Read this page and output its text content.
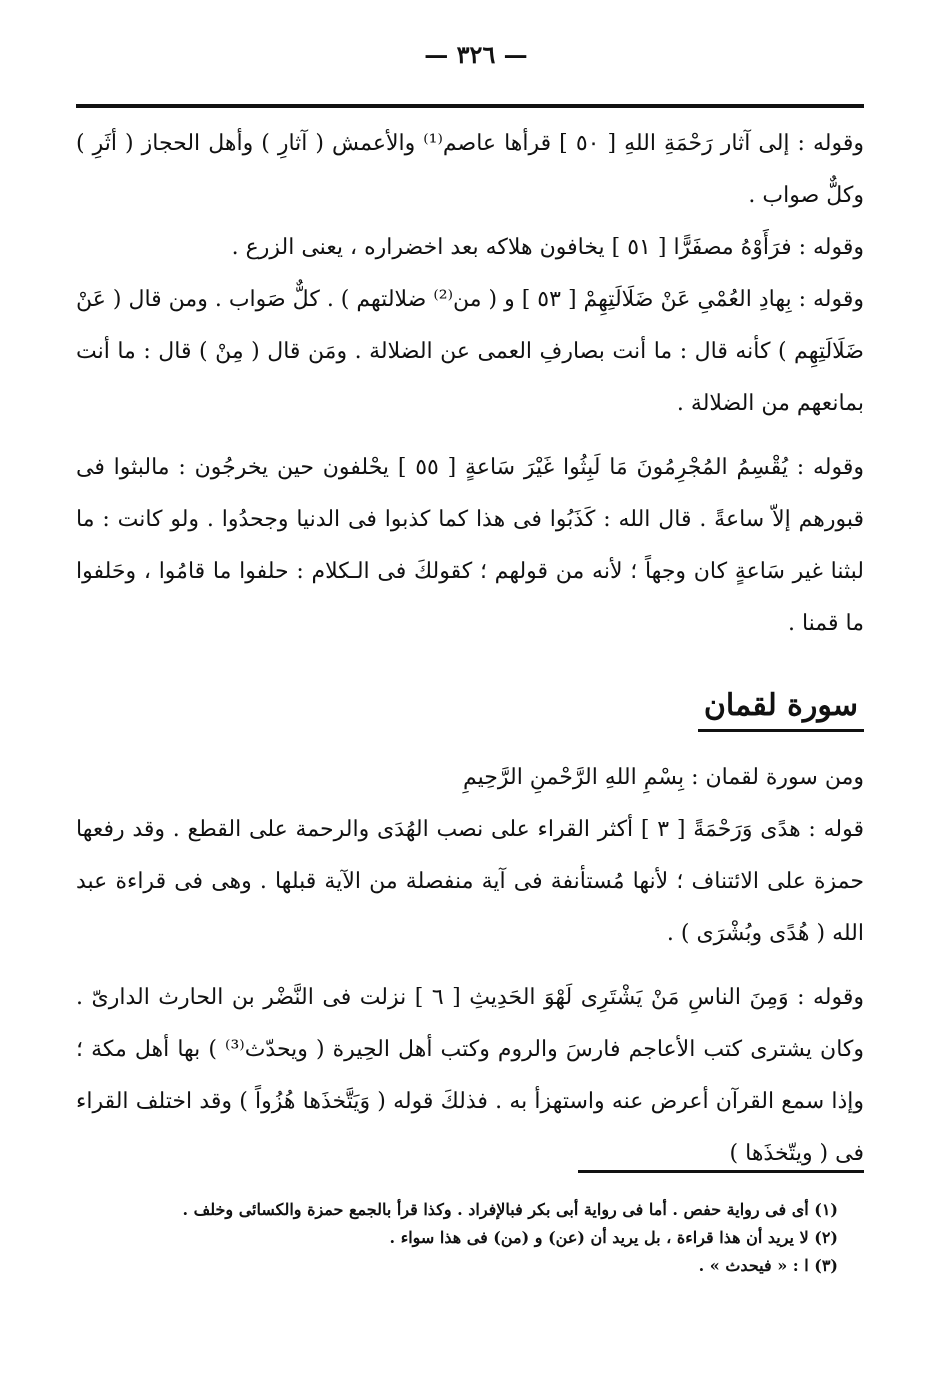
— ٣٢٦ —

وقوله : إلى آثار رَحْمَةِ اللهِ [ ٥٠ ] قرأها عاصم⁽¹⁾ والأعمش ( آثارِ ) وأهل الحجاز ( أثَرِ ) وكلٌّ صواب .

وقوله : فرَأَوْهُ مصفَرًّا [ ٥١ ] يخافون هلاكه بعد اخضراره ، يعنى الزرع .

وقوله : بِهادِ العُمْىِ عَنْ ضَلَالَتِهِمْ [ ٥٣ ] و ( من⁽²⁾ ضلالتهم ) . كلٌّ صَواب . ومن قال ( عَنْ ضَلَالَتِهِم ) كأنه قال : ما أنت بصارفِ العمى عن الضلالة . ومَن قال ( مِنْ ) قال : ما أنت بمانعهم من الضلالة .

وقوله : يُقْسِمُ المُجْرِمُونَ مَا لَبِثُوا غَيْرَ سَاعةٍ [ ٥٥ ] يحْلفون حين يخرجُون : مالبثوا فى قبورهم إلاّ ساعةً . قال الله : كَذَبُوا فى هذا كما كذبوا فى الدنيا وجحدُوا . ولو كانت : ما لبثنا غير سَاعةٍ كان وجهاً ؛ لأنه من قولهم ؛ كقولكَ فى الـكلام : حلفوا ما قامُوا ، وحَلفوا ما قمنا .

سورة لقمان

ومن سورة لقمان : بِسْمِ اللهِ الرَّحْمنِ الرَّحِيمِ

قوله : هدًى وَرَحْمَةً [ ٣ ] أكثر القراء على نصب الهُدَى والرحمة على القطع . وقد رفعها حمزة على الائتناف ؛ لأنها مُستأنفة فى آية منفصلة من الآية قبلها . وهى فى قراءة عبد الله ( هُدًى وبُشْرَى ) .

وقوله : وَمِنَ الناسِ مَنْ يَشْتَرِى لَهْوَ الحَدِيثِ [ ٦ ] نزلت فى النَّضْر بن الحارث الدارىّ . وكان يشترى كتب الأعاجم فارسَ والروم وكتب أهل الحِيرة ( ويحدّث⁽³⁾ ) بها أهل مكة ؛ وإذا سمع القرآن أعرض عنه واستهزأ به . فذلكَ قوله ( وَيَتَّخذَها هُزُواً ) وقد اختلف القراء فى ( ويتّخذَها )

(١) أى فى رواية حفص . أما فى رواية أبى بكر فبالإفراد . وكذا قرأ بالجمع حمزة والكسائى وخلف .

(٢) لا يريد أن هذا قراءة ، بل يريد أن (عن) و (من) فى هذا سواء .

(٣) ا : « فيحدث » .
